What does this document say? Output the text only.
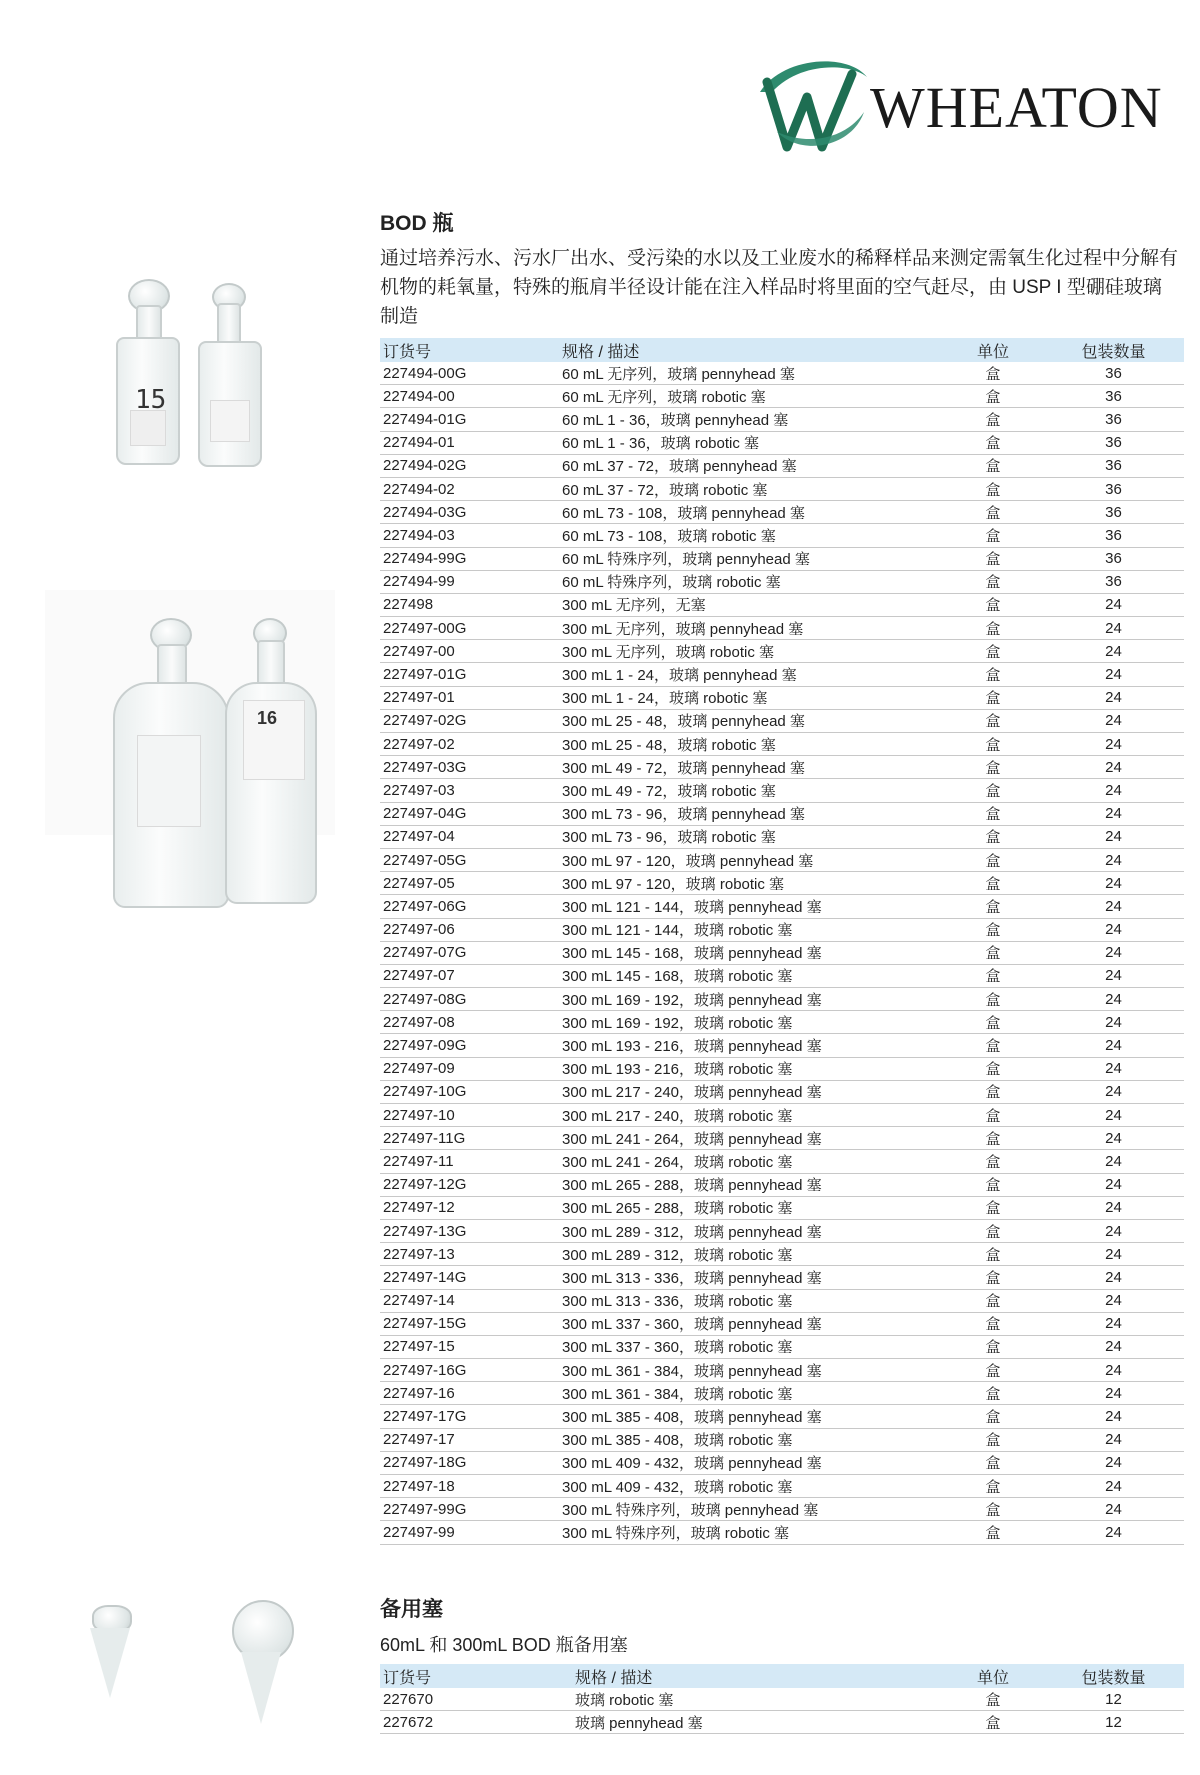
WHEATON
15
16
BOD 瓶

通过培养污水、污水厂出水、受污染的水以及工业废水的稀释样品来测定需氧生化过程中分解有机物的耗氧量，特殊的瓶肩半径设计能在注入样品时将里面的空气赶尽，由 USP I 型硼硅玻璃制造

订货号	规格 / 描述	单位	包装数量
227494-00G	60 mL 无序列，玻璃 pennyhead 塞	盒	36
227494-00	60 mL 无序列，玻璃 robotic 塞	盒	36
227494-01G	60 mL 1 - 36，玻璃 pennyhead 塞	盒	36
227494-01	60 mL 1 - 36，玻璃 robotic 塞	盒	36
227494-02G	60 mL 37 - 72，玻璃 pennyhead 塞	盒	36
227494-02	60 mL 37 - 72，玻璃 robotic 塞	盒	36
227494-03G	60 mL 73 - 108，玻璃 pennyhead 塞	盒	36
227494-03	60 mL 73 - 108，玻璃 robotic 塞	盒	36
227494-99G	60 mL 特殊序列，玻璃 pennyhead 塞	盒	36
227494-99	60 mL 特殊序列，玻璃 robotic 塞	盒	36
227498	300 mL 无序列，无塞	盒	24
227497-00G	300 mL 无序列，玻璃 pennyhead 塞	盒	24
227497-00	300 mL 无序列，玻璃 robotic 塞	盒	24
227497-01G	300 mL 1 - 24，玻璃 pennyhead 塞	盒	24
227497-01	300 mL 1 - 24，玻璃 robotic 塞	盒	24
227497-02G	300 mL 25 - 48，玻璃 pennyhead 塞	盒	24
227497-02	300 mL 25 - 48，玻璃 robotic 塞	盒	24
227497-03G	300 mL 49 - 72，玻璃 pennyhead 塞	盒	24
227497-03	300 mL 49 - 72，玻璃 robotic 塞	盒	24
227497-04G	300 mL 73 - 96，玻璃 pennyhead 塞	盒	24
227497-04	300 mL 73 - 96，玻璃 robotic 塞	盒	24
227497-05G	300 mL 97 - 120，玻璃 pennyhead 塞	盒	24
227497-05	300 mL 97 - 120，玻璃 robotic 塞	盒	24
227497-06G	300 mL 121 - 144，玻璃 pennyhead 塞	盒	24
227497-06	300 mL 121 - 144，玻璃 robotic 塞	盒	24
227497-07G	300 mL 145 - 168，玻璃 pennyhead 塞	盒	24
227497-07	300 mL 145 - 168，玻璃 robotic 塞	盒	24
227497-08G	300 mL 169 - 192，玻璃 pennyhead 塞	盒	24
227497-08	300 mL 169 - 192，玻璃 robotic 塞	盒	24
227497-09G	300 mL 193 - 216，玻璃 pennyhead 塞	盒	24
227497-09	300 mL 193 - 216，玻璃 robotic 塞	盒	24
227497-10G	300 mL 217 - 240，玻璃 pennyhead 塞	盒	24
227497-10	300 mL 217 - 240，玻璃 robotic 塞	盒	24
227497-11G	300 mL 241 - 264，玻璃 pennyhead 塞	盒	24
227497-11	300 mL 241 - 264，玻璃 robotic 塞	盒	24
227497-12G	300 mL 265 - 288，玻璃 pennyhead 塞	盒	24
227497-12	300 mL 265 - 288，玻璃 robotic 塞	盒	24
227497-13G	300 mL 289 - 312，玻璃 pennyhead 塞	盒	24
227497-13	300 mL 289 - 312，玻璃 robotic 塞	盒	24
227497-14G	300 mL 313 - 336，玻璃 pennyhead 塞	盒	24
227497-14	300 mL 313 - 336，玻璃 robotic 塞	盒	24
227497-15G	300 mL 337 - 360，玻璃 pennyhead 塞	盒	24
227497-15	300 mL 337 - 360，玻璃 robotic 塞	盒	24
227497-16G	300 mL 361 - 384，玻璃 pennyhead 塞	盒	24
227497-16	300 mL 361 - 384，玻璃 robotic 塞	盒	24
227497-17G	300 mL 385 - 408，玻璃 pennyhead 塞	盒	24
227497-17	300 mL 385 - 408，玻璃 robotic 塞	盒	24
227497-18G	300 mL 409 - 432，玻璃 pennyhead 塞	盒	24
227497-18	300 mL 409 - 432，玻璃 robotic 塞	盒	24
227497-99G	300 mL 特殊序列，玻璃 pennyhead 塞	盒	24
227497-99	300 mL 特殊序列，玻璃 robotic 塞	盒	24
备用塞

60mL 和 300mL BOD 瓶备用塞

订货号	规格 / 描述	单位	包装数量
227670	玻璃 robotic 塞	盒	12
227672	玻璃 pennyhead 塞	盒	12
